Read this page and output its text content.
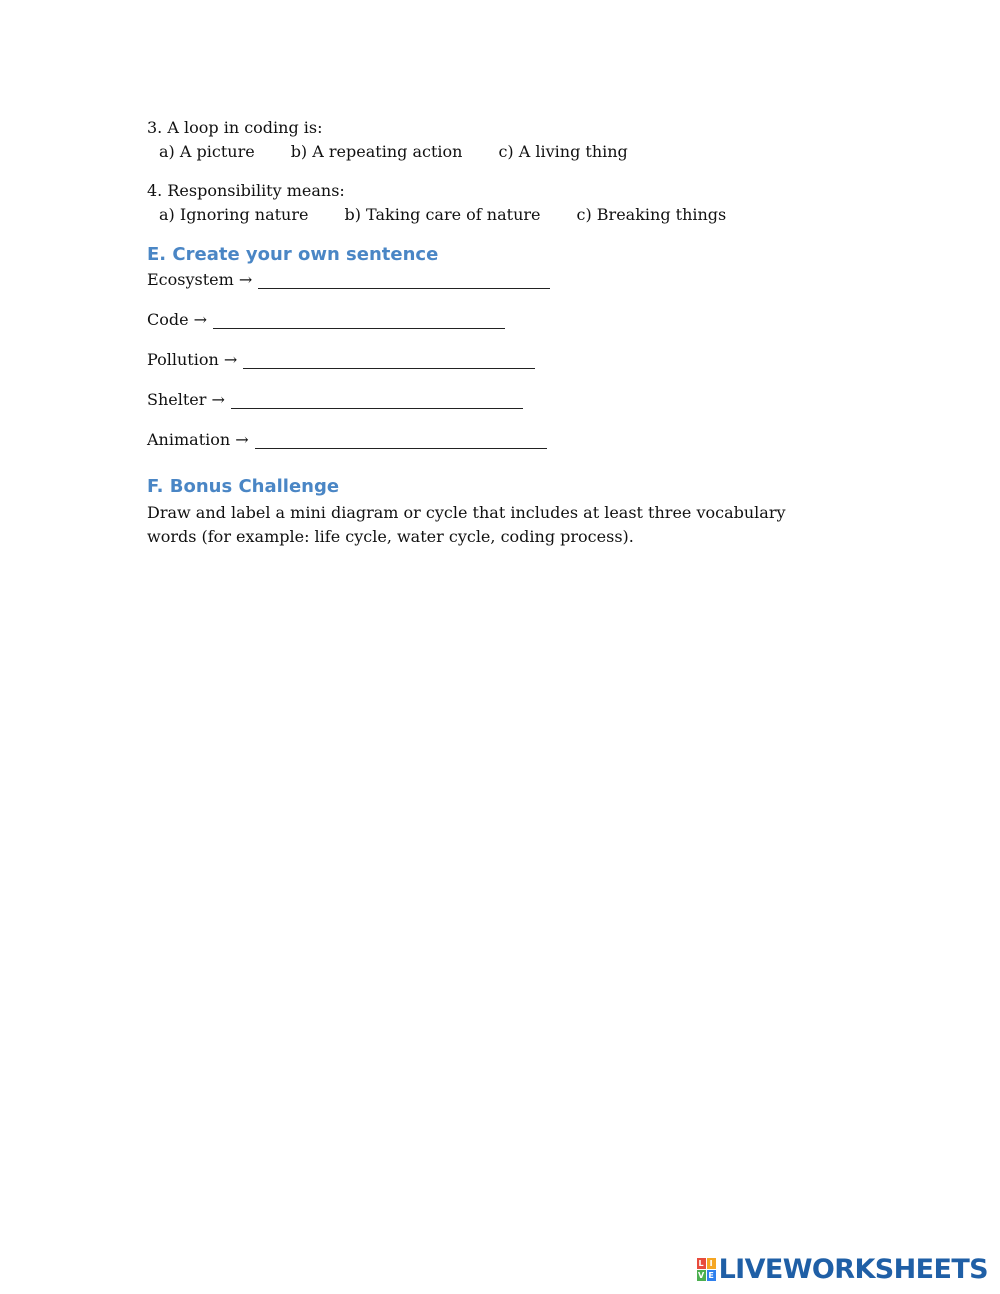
3. A loop in coding is:

a) A picture b) A repeating action c) A living thing

4. Responsibility means:

a) Ignoring nature b) Taking care of nature c) Breaking things
E. Create your own sentence
Ecosystem →
Code →
Pollution →
Shelter →
Animation →
F. Bonus Challenge

Draw and label a mini diagram or cycle that includes at least three vocabulary words (for example: life cycle, water cycle, coding process).

L I
V E LIVEWORKSHEETS
